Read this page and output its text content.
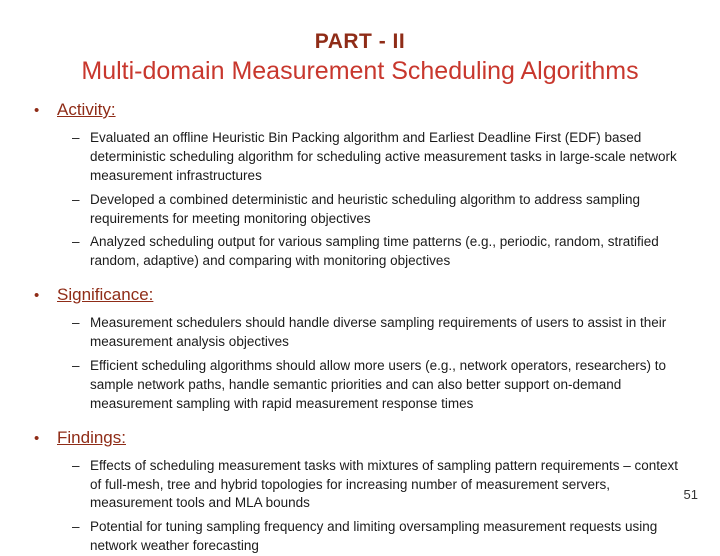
PART - II
Multi-domain Measurement Scheduling Algorithms
•	Activity:
– Evaluated an offline Heuristic Bin Packing algorithm and Earliest Deadline First (EDF) based deterministic scheduling algorithm for scheduling active measurement tasks in large-scale network measurement infrastructures
– Developed a combined deterministic and heuristic scheduling algorithm to address sampling requirements for meeting monitoring objectives
– Analyzed scheduling output for various sampling time patterns (e.g., periodic, random, stratified random, adaptive) and comparing with monitoring objectives
•	Significance:
– Measurement schedulers should handle diverse sampling requirements of users to assist in their measurement analysis objectives
– Efficient scheduling algorithms should allow more users (e.g., network operators, researchers) to sample network paths, handle semantic priorities and can also better support on-demand measurement sampling with rapid measurement response times
•	Findings:
– Effects of scheduling measurement tasks with mixtures of sampling pattern requirements – context of full-mesh, tree and hybrid topologies for increasing number of measurement servers, measurement tools and MLA bounds
– Potential for tuning sampling frequency and limiting oversampling measurement requests using network weather forecasting
51
